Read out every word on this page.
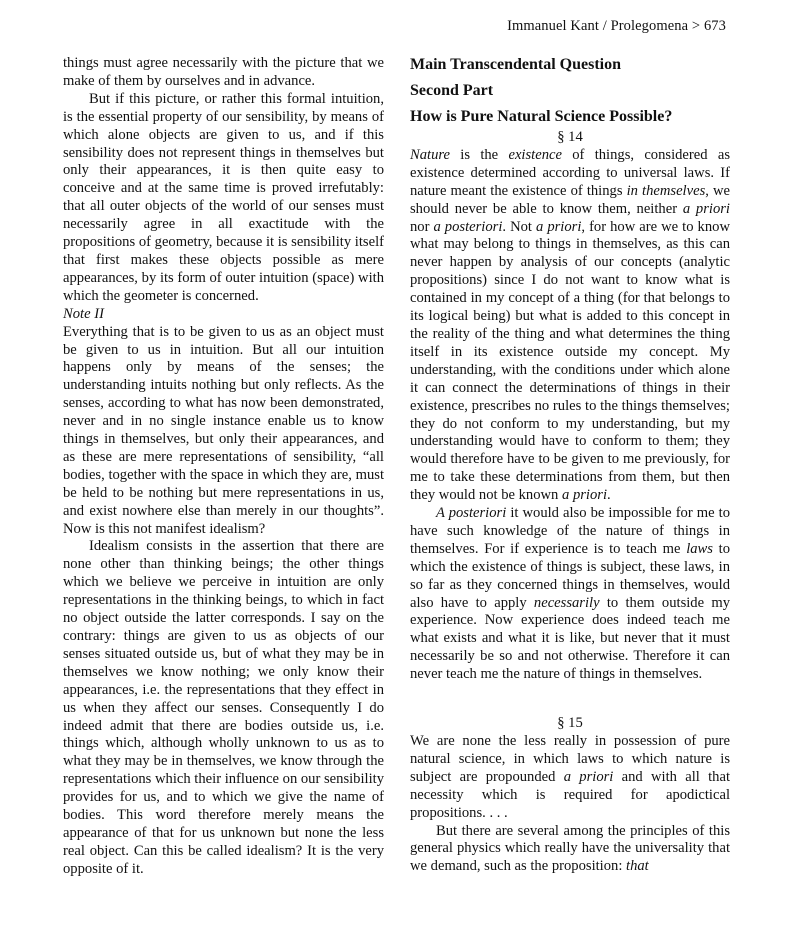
Immanuel Kant / Prolegomena > 673

things must agree necessarily with the picture that we make of them by ourselves and in advance.

But if this picture, or rather this formal intuition, is the essential property of our sensibility, by means of which alone objects are given to us, and if this sensibility does not represent things in themselves but only their appearances, it is then quite easy to conceive and at the same time is proved irrefutably: that all outer objects of the world of our senses must necessarily agree in all exactitude with the propositions of geometry, because it is sensibility itself that first makes these objects possible as mere appearances, by its form of outer intuition (space) with which the geometer is concerned.

Note II

Everything that is to be given to us as an object must be given to us in intuition. But all our intuition happens only by means of the senses; the understanding intuits nothing but only reflects. As the senses, according to what has now been demonstrated, never and in no single instance enable us to know things in themselves, but only their appearances, and as these are mere representations of sensibility, “all bodies, together with the space in which they are, must be held to be nothing but mere representations in us, and exist nowhere else than merely in our thoughts”. Now is this not manifest idealism?

Idealism consists in the assertion that there are none other than thinking beings; the other things which we believe we perceive in intuition are only representations in the thinking beings, to which in fact no object outside the latter corresponds. I say on the contrary: things are given to us as objects of our senses situated outside us, but of what they may be in themselves we know nothing; we only know their appearances, i.e. the representations that they effect in us when they affect our senses. Consequently I do indeed admit that there are bodies outside us, i.e. things which, although wholly unknown to us as to what they may be in themselves, we know through the representations which their influence on our sensibility provides for us, and to which we give the name of bodies. This word therefore merely means the appearance of that for us unknown but none the less real object. Can this be called idealism? It is the very opposite of it.

Main Transcendental Question

Second Part

How is Pure Natural Science Possible?

§ 14

Nature is the existence of things, considered as existence determined according to universal laws. If nature meant the existence of things in themselves, we should never be able to know them, neither a priori nor a posteriori. Not a priori, for how are we to know what may belong to things in themselves, as this can never happen by analysis of our concepts (analytic propositions) since I do not want to know what is contained in my concept of a thing (for that belongs to its logical being) but what is added to this concept in the reality of the thing and what determines the thing itself in its existence outside my concept. My understanding, with the conditions under which alone it can connect the determinations of things in their existence, prescribes no rules to the things themselves; they do not conform to my understanding, but my understanding would have to conform to them; they would therefore have to be given to me previously, for me to take these determinations from them, but then they would not be known a priori.

A posteriori it would also be impossible for me to have such knowledge of the nature of things in themselves. For if experience is to teach me laws to which the existence of things is subject, these laws, in so far as they concerned things in themselves, would also have to apply necessarily to them outside my experience. Now experience does indeed teach me what exists and what it is like, but never that it must necessarily be so and not otherwise. Therefore it can never teach me the nature of things in themselves.

§ 15

We are none the less really in possession of pure natural science, in which laws to which nature is subject are propounded a priori and with all that necessity which is required for apodictical propositions. . . .

But there are several among the principles of this general physics which really have the universality that we demand, such as the proposition: that
